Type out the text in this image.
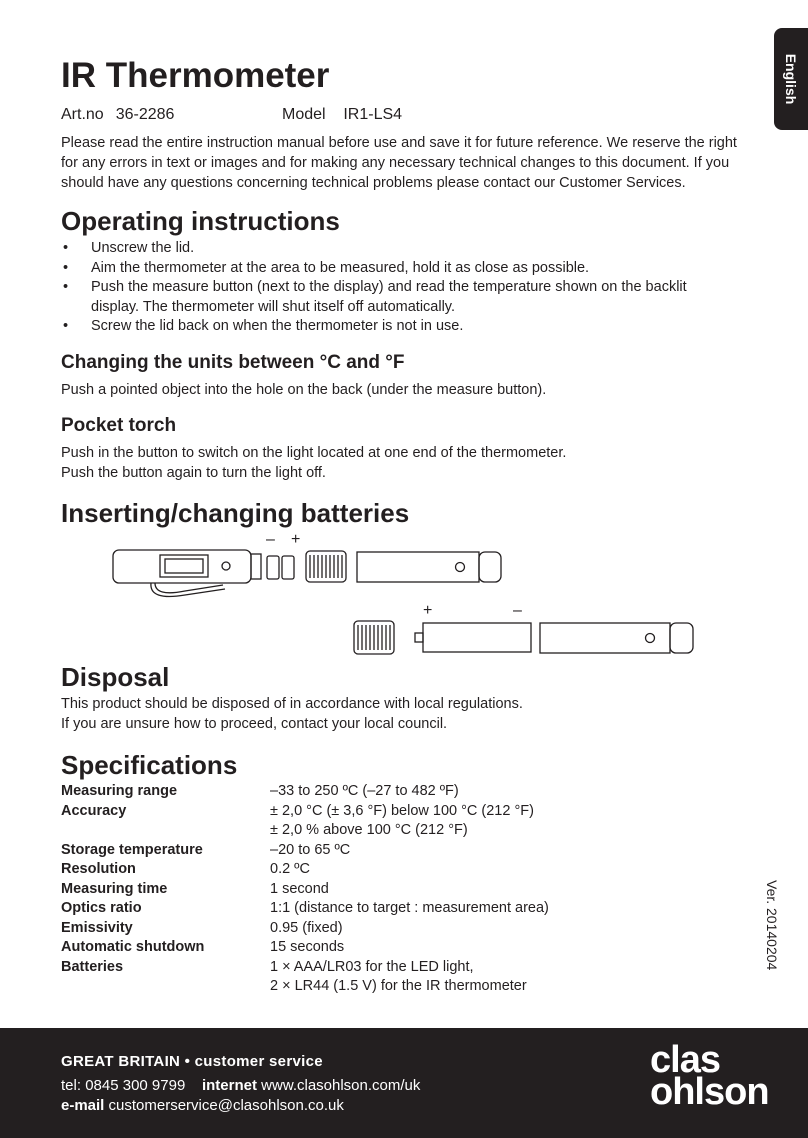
English
IR Thermometer
Art.no 36-2286	Model IR1-LS4

Please read the entire instruction manual before use and save it for future reference. We reserve the right for any errors in text or images and for making any necessary technical changes to this document. If you should have any questions concerning technical problems please contact our Customer Services.

Operating instructions
• Unscrew the lid.
• Aim the thermometer at the area to be measured, hold it as close as possible.
• Push the measure button (next to the display) and read the temperature shown on the backlit display. The thermometer will shut itself off automatically.
• Screw the lid back on when the thermometer is not in use.
Changing the units between °C and °F

Push a pointed object into the hole on the back (under the measure button).

Pocket torch

Push in the button to switch on the light located at one end of the thermometer.

Push the button again to turn the light off.

Inserting/changing batteries
– +
+	–
Disposal

This product should be disposed of in accordance with local regulations.

If you are unsure how to proceed, contact your local council.

Specifications
Measuring range	–33 to 250 ºC (–27 to 482 ºF)
Accuracy	± 2,0 °C (± 3,6 °F) below 100 °C (212 °F)
	± 2,0 % above 100 °C (212 °F)
Storage temperature	–20 to 65 ºC
Resolution	0.2 ºC
Measuring time	1 second
Optics ratio	1:1 (distance to target : measurement area)
Emissivity	0.95 (fixed)
Automatic shutdown	15 seconds
Batteries	1 × AAA/LR03 for the LED light,
	2 × LR44 (1.5 V) for the IR thermometer
Ver. 20140204
GREAT BRITAIN • customer service
tel: 0845 300 9799 internet www.clasohlson.com/uk
e-mail customerservice@clasohlson.co.uk
clas
ohlson
